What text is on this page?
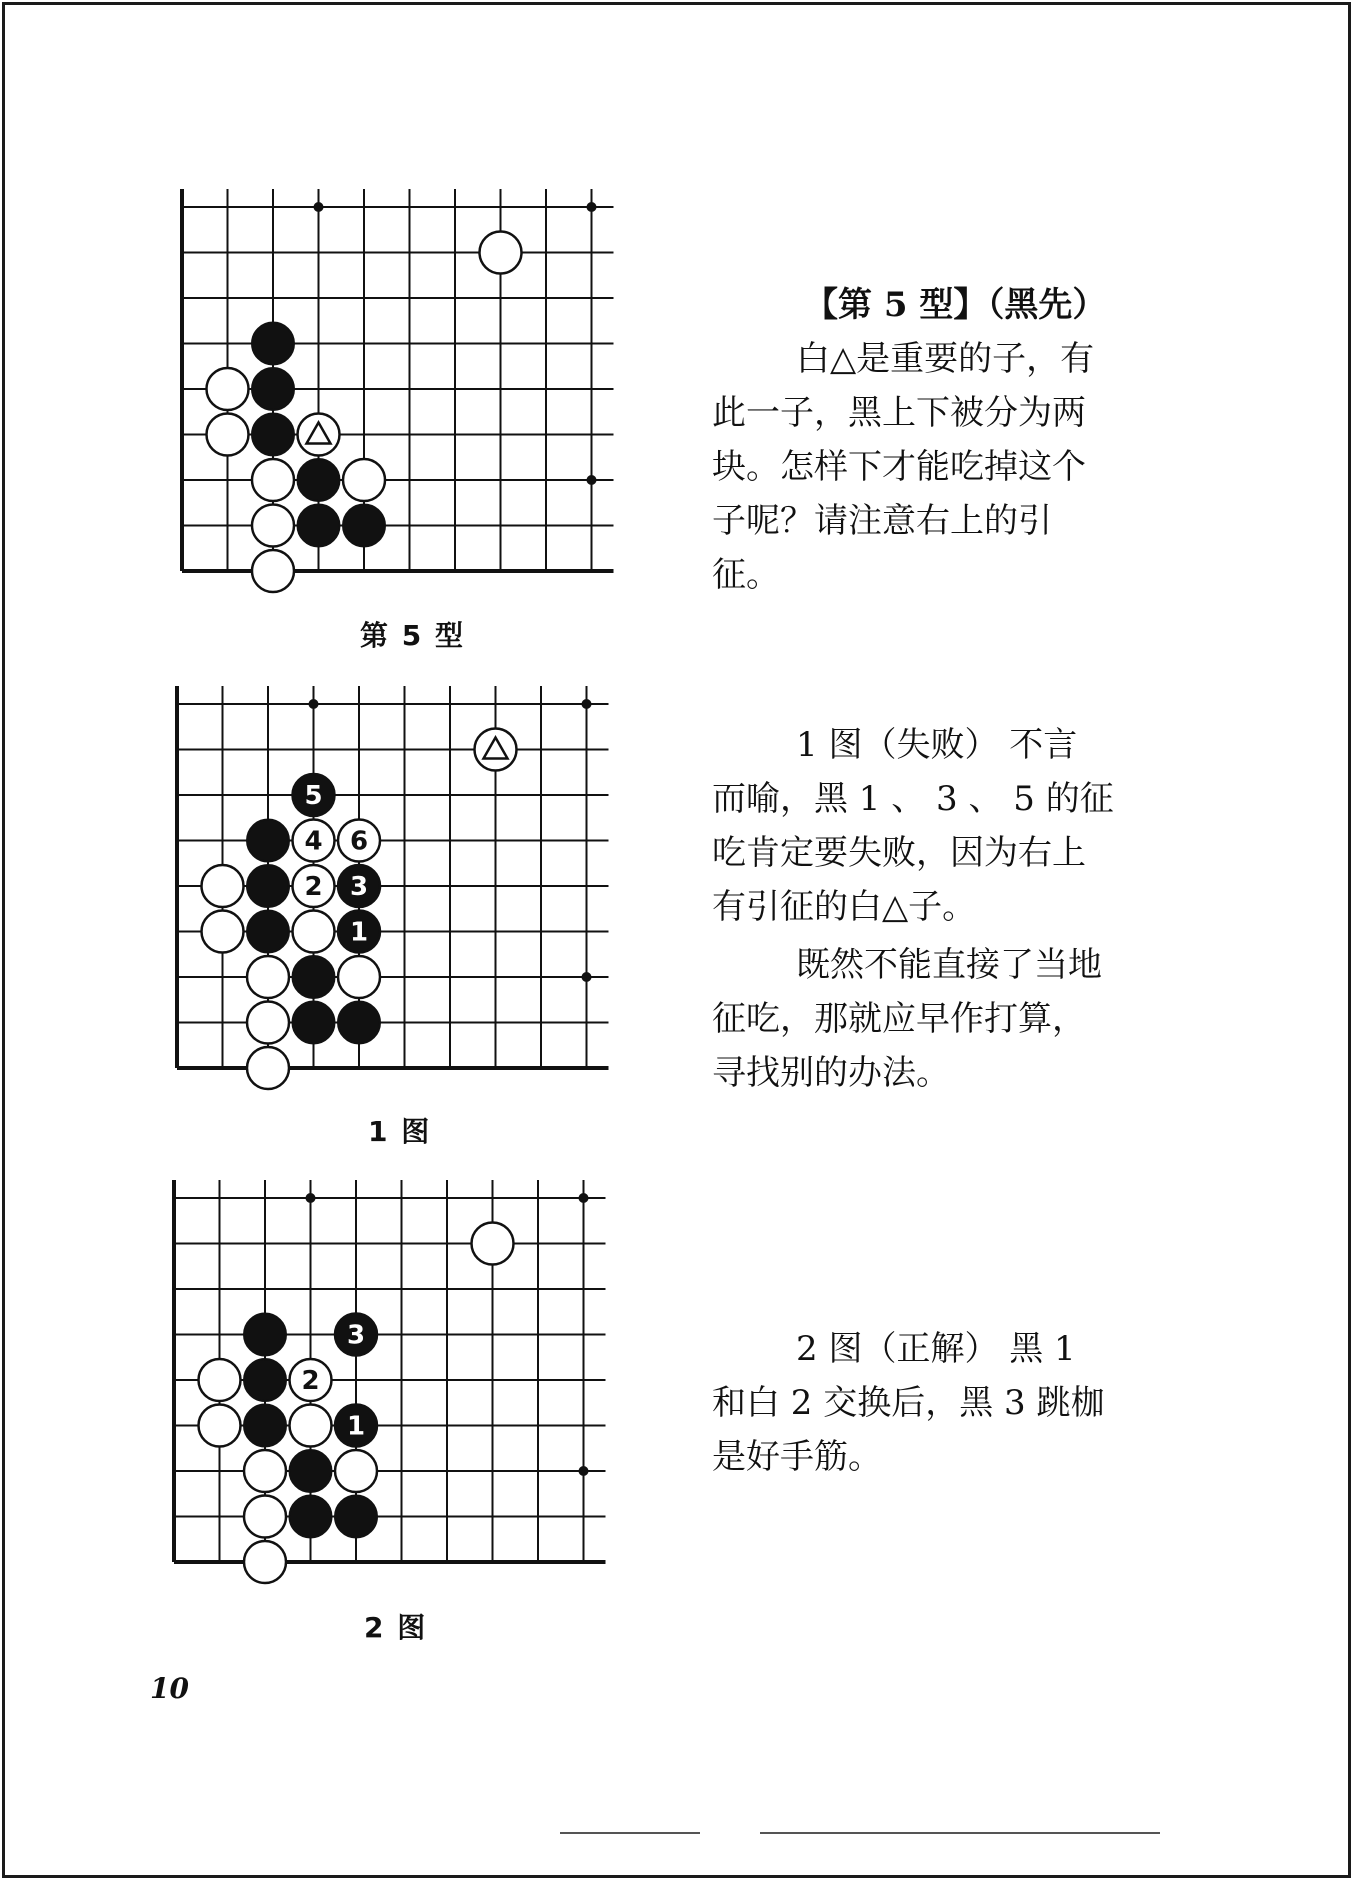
第 5 型
1
2 3
4
5
6
1 图
1
2
3
2 图

【第 5 型】（黑先）

白△是重要的子，有

此一子，黑上下被分为两

块。怎样下才能吃掉这个

子呢？请注意右上的引

征。

1 图（失败） 不言

而喻，黑 1 、 3 、 5 的征

吃肯定要失败，因为右上

有引征的白△子。

既然不能直接了当地

征吃，那就应早作打算，

寻找别的办法。

2 图（正解） 黑 1

和白 2 交换后，黑 3 跳枷

是好手筋。

10
